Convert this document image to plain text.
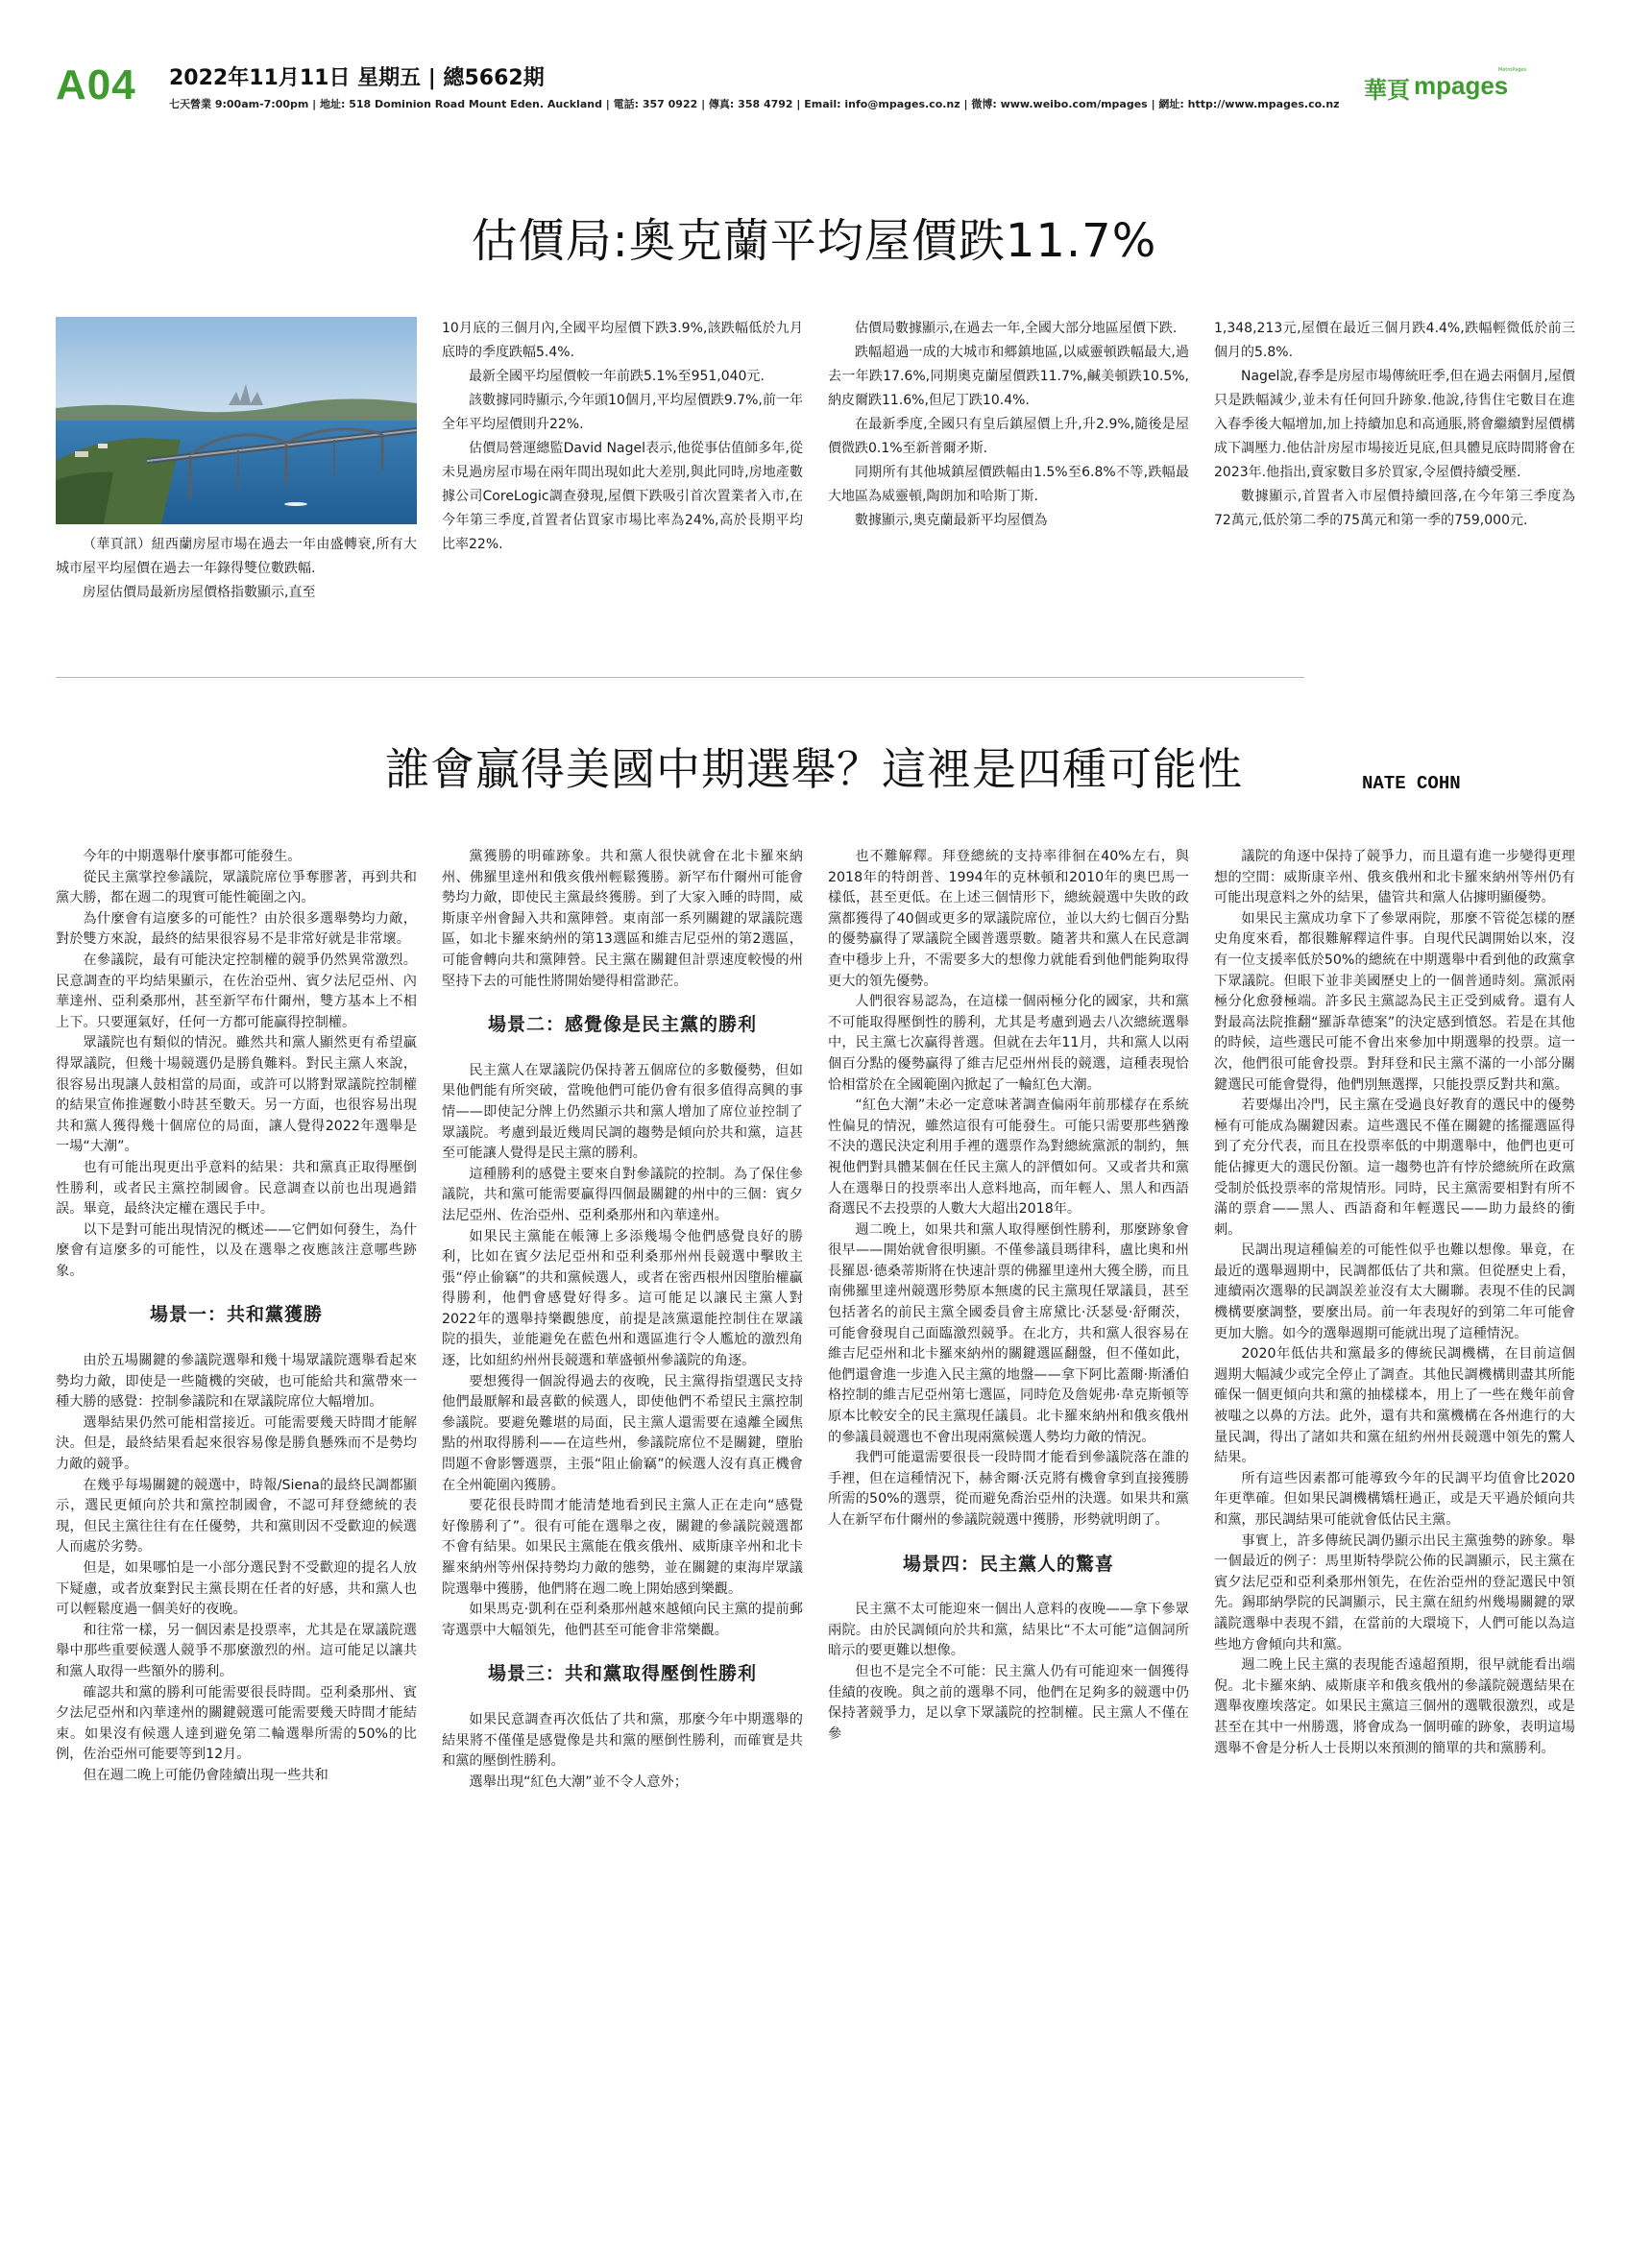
A04 2022年11月11日 星期五 | 總5662期
七天營業 9:00am-7:00pm | 地址: 518 Dominion Road Mount Eden. Auckland | 電話: 357 0922 | 傳真: 358 4792 | Email: info@mpages.co.nz | 微博: www.weibo.com/mpages | 網址: http://www.mpages.co.nz
華頁 mpages
MetroPages
估價局:奧克蘭平均屋價跌11.7%

（華頁訊）紐西蘭房屋市場在過去一年由盛轉衰,所有大城市屋平均屋價在過去一年錄得雙位數跌幅.

房屋估價局最新房屋價格指數顯示,直至

10月底的三個月內,全國平均屋價下跌3.9%,該跌幅低於九月底時的季度跌幅5.4%.

最新全國平均屋價較一年前跌5.1%至951,040元.

該數據同時顯示,今年頭10個月,平均屋價跌9.7%,前一年全年平均屋價則升22%.

估價局營運總監David Nagel表示,他從事估值師多年,從未見過房屋市場在兩年間出現如此大差別,與此同時,房地產數據公司CoreLogic調查發現,屋價下跌吸引首次置業者入市,在今年第三季度,首置者佔買家市場比率為24%,高於長期平均比率22%.

估價局數據顯示,在過去一年,全國大部分地區屋價下跌.

跌幅超過一成的大城市和郷鎮地區,以威靈頓跌幅最大,過去一年跌17.6%,同期奧克蘭屋價跌11.7%,鹹美頓跌10.5%,納皮爾跌11.6%,但尼丁跌10.4%.

在最新季度,全國只有皇后鎮屋價上升,升2.9%,隨後是屋價微跌0.1%至新普爾矛斯.

同期所有其他城鎮屋價跌幅由1.5%至6.8%不等,跌幅最大地區為威靈頓,陶朗加和哈斯丁斯.

數據顯示,奧克蘭最新平均屋價為

1,348,213元,屋價在最近三個月跌4.4%,跌幅輕微低於前三個月的5.8%.

Nagel說,春季是房屋市場傳統旺季,但在過去兩個月,屋價只是跌幅減少,並未有任何回升跡象.他說,待售住宅數目在進入春季後大幅增加,加上持續加息和高通脹,將會繼續對屋價構成下調壓力.他估計房屋市場接近見底,但具體見底時間將會在2023年.他指出,賣家數目多於買家,令屋價持續受壓.

數據顯示,首置者入市屋價持續回落,在今年第三季度為72萬元,低於第二季的75萬元和第一季的759,000元.

誰會贏得美國中期選舉？這裡是四種可能性	NATE COHN

今年的中期選舉什麼事都可能發生。

從民主黨掌控參議院，眾議院席位爭奪膠著，再到共和黨大勝，都在週二的現實可能性範圍之內。

為什麼會有這麼多的可能性？由於很多選舉勢均力敵，對於雙方來說，最終的結果很容易不是非常好就是非常壞。

在參議院，最有可能決定控制權的競爭仍然異常激烈。民意調查的平均結果顯示，在佐治亞州、賓夕法尼亞州、內華達州、亞利桑那州，甚至新罕布什爾州，雙方基本上不相上下。只要運氣好，任何一方都可能贏得控制權。

眾議院也有類似的情況。雖然共和黨人顯然更有希望贏得眾議院，但幾十場競選仍是勝負難料。對民主黨人來說，很容易出現讓人鼓相當的局面，或許可以將對眾議院控制權的結果宣佈推遲數小時甚至數天。另一方面，也很容易出現共和黨人獲得幾十個席位的局面，讓人覺得2022年選舉是一場“大潮”。

也有可能出現更出乎意料的結果：共和黨真正取得壓倒性勝利，或者民主黨控制國會。民意調查以前也出現過錯誤。畢竟，最終決定權在選民手中。

以下是對可能出現情況的概述——它們如何發生，為什麼會有這麼多的可能性，以及在選舉之夜應該注意哪些跡象。

場景一：共和黨獲勝

由於五場關鍵的參議院選舉和幾十場眾議院選舉看起來勢均力敵，即使是一些隨機的突破，也可能給共和黨帶來一種大勝的感覺：控制參議院和在眾議院席位大幅增加。

選舉結果仍然可能相當接近。可能需要幾天時間才能解決。但是，最終結果看起來很容易像是勝負懸殊而不是勢均力敵的競爭。

在幾乎每場關鍵的競選中，時報/Siena的最終民調都顯示，選民更傾向於共和黨控制國會，不認可拜登總統的表現，但民主黨往往有在任優勢，共和黨則因不受歡迎的候選人而處於劣勢。

但是，如果哪怕是一小部分選民對不受歡迎的提名人放下疑慮，或者放棄對民主黨長期在任者的好感，共和黨人也可以輕鬆度過一個美好的夜晚。

和往常一樣，另一個因素是投票率，尤其是在眾議院選舉中那些重要候選人競爭不那麼激烈的州。這可能足以讓共和黨人取得一些額外的勝利。

確認共和黨的勝利可能需要很長時間。亞利桑那州、賓夕法尼亞州和內華達州的關鍵競選可能需要幾天時間才能結束。如果沒有候選人達到避免第二輪選舉所需的50%的比例，佐治亞州可能要等到12月。

但在週二晚上可能仍會陸續出現一些共和

黨獲勝的明確跡象。共和黨人很快就會在北卡羅來納州、佛羅里達州和俄亥俄州輕鬆獲勝。新罕布什爾州可能會勢均力敵，即使民主黨最終獲勝。到了大家入睡的時間，威斯康辛州會歸入共和黨陣營。東南部一系列關鍵的眾議院選區，如北卡羅來納州的第13選區和維吉尼亞州的第2選區，可能會轉向共和黨陣營。民主黨在關鍵但計票速度較慢的州堅持下去的可能性將開始變得相當渺茫。

場景二：感覺像是民主黨的勝利

民主黨人在眾議院仍保持著五個席位的多數優勢，但如果他們能有所突破，當晚他們可能仍會有很多值得高興的事情——即使記分牌上仍然顯示共和黨人增加了席位並控制了眾議院。考慮到最近幾周民調的趨勢是傾向於共和黨，這甚至可能讓人覺得是民主黨的勝利。

這種勝利的感覺主要來自對參議院的控制。為了保住參議院，共和黨可能需要贏得四個最關鍵的州中的三個：賓夕法尼亞州、佐治亞州、亞利桑那州和內華達州。

如果民主黨能在帳簿上多添幾場令他們感覺良好的勝利，比如在賓夕法尼亞州和亞利桑那州州長競選中擊敗主張“停止偷竊”的共和黨候選人，或者在密西根州因墮胎權贏得勝利，他們會感覺好得多。這可能足以讓民主黨人對2022年的選舉持樂觀態度，前提是該黨還能控制住在眾議院的損失，並能避免在藍色州和選區進行令人尷尬的激烈角逐，比如紐約州州長競選和華盛頓州參議院的角逐。

要想獲得一個說得過去的夜晚，民主黨得指望選民支持他們最厭解和最喜歡的候選人，即使他們不希望民主黨控制參議院。要避免難堪的局面，民主黨人還需要在遠離全國焦點的州取得勝利——在這些州，參議院席位不是關鍵，墮胎問題不會影響選票，主張“阻止偷竊”的候選人沒有真正機會在全州範圍內獲勝。

要花很長時間才能清楚地看到民主黨人正在走向“感覺好像勝利了”。很有可能在選舉之夜，關鍵的參議院競選都不會有結果。如果民主黨能在俄亥俄州、威斯康辛州和北卡羅來納州等州保持勢均力敵的態勢，並在關鍵的東海岸眾議院選舉中獲勝，他們將在週二晚上開始感到樂觀。

如果馬克·凱利在亞利桑那州越來越傾向民主黨的提前郵寄選票中大幅領先，他們甚至可能會非常樂觀。

場景三：共和黨取得壓倒性勝利

如果民意調查再次低估了共和黨，那麼今年中期選舉的結果將不僅僅是感覺像是共和黨的壓倒性勝利，而確實是共和黨的壓倒性勝利。

選舉出現“紅色大潮”並不令人意外；

也不難解釋。拜登總統的支持率徘徊在40%左右，與2018年的特朗普、1994年的克林頓和2010年的奧巴馬一樣低，甚至更低。在上述三個情形下，總統競選中失敗的政黨都獲得了40個或更多的眾議院席位，並以大約七個百分點的優勢贏得了眾議院全國普選票數。隨著共和黨人在民意調查中穩步上升，不需要多大的想像力就能看到他們能夠取得更大的領先優勢。

人們很容易認為，在這樣一個兩極分化的國家，共和黨不可能取得壓倒性的勝利，尤其是考慮到過去八次總統選舉中，民主黨七次贏得普選。但就在去年11月，共和黨人以兩個百分點的優勢贏得了維吉尼亞州州長的競選，這種表現恰恰相當於在全國範圍內掀起了一輪紅色大潮。

“紅色大潮”未必一定意味著調查偏兩年前那樣存在系統性偏見的情況，雖然這很有可能發生。可能只需要那些猶豫不決的選民決定利用手裡的選票作為對總統黨派的制約，無視他們對具體某個在任民主黨人的評價如何。又或者共和黨人在選舉日的投票率出人意料地高，而年輕人、黑人和西語裔選民不去投票的人數大大超出2018年。

週二晚上，如果共和黨人取得壓倒性勝利，那麼跡象會很早——開始就會很明顯。不僅參議員瑪律科，盧比奧和州長羅恩·德桑蒂斯將在快速計票的佛羅里達州大獲全勝，而且南佛羅里達州競選形勢原本無虞的民主黨現任眾議員，甚至包括著名的前民主黨全國委員會主席黛比·沃瑟曼·舒爾茨，可能會發現自己面臨激烈競爭。在北方，共和黨人很容易在維吉尼亞州和北卡羅來納州的關鍵選區翻盤，但不僅如此，他們還會進一步進入民主黨的地盤——拿下阿比蓋爾·斯潘伯格控制的維吉尼亞州第七選區，同時危及詹妮弗·韋克斯頓等原本比較安全的民主黨現任議員。北卡羅來納州和俄亥俄州的參議員競選也不會出現兩黨候選人勢均力敵的情況。

我們可能還需要很長一段時間才能看到參議院落在誰的手裡，但在這種情況下，赫舍爾·沃克將有機會拿到直接獲勝所需的50%的選票，從而避免喬治亞州的決選。如果共和黨人在新罕布什爾州的參議院競選中獲勝，形勢就明朗了。

場景四：民主黨人的驚喜

民主黨不太可能迎來一個出人意料的夜晚——拿下參眾兩院。由於民調傾向於共和黨，結果比“不太可能”這個詞所暗示的要更難以想像。

但也不是完全不可能：民主黨人仍有可能迎來一個獲得佳績的夜晚。與之前的選舉不同，他們在足夠多的競選中仍保持著競爭力，足以拿下眾議院的控制權。民主黨人不僅在參

議院的角逐中保持了競爭力，而且還有進一步變得更理想的空間：威斯康辛州、俄亥俄州和北卡羅來納州等州仍有可能出現意料之外的結果，儘管共和黨人佔據明顯優勢。

如果民主黨成功拿下了參眾兩院，那麼不管從怎樣的歷史角度來看，都很難解釋這件事。自現代民調開始以來，沒有一位支援率低於50%的總統在中期選舉中看到他的政黨拿下眾議院。但眼下並非美國歷史上的一個普通時刻。黨派兩極分化愈發極端。許多民主黨認為民主正受到威脅。還有人對最高法院推翻“羅訴韋德案”的決定感到憤怒。若是在其他的時候，這些選民可能不會出來參加中期選舉的投票。這一次，他們很可能會投票。對拜登和民主黨不滿的一小部分關鍵選民可能會覺得，他們別無選擇，只能投票反對共和黨。

若要爆出冷門，民主黨在受過良好教育的選民中的優勢極有可能成為關鍵因素。這些選民不僅在關鍵的搖擺選區得到了充分代表，而且在投票率低的中期選舉中，他們也更可能佔據更大的選民份額。這一趨勢也許有悖於總統所在政黨受制於低投票率的常規情形。同時，民主黨需要相對有所不滿的票倉——黑人、西語裔和年輕選民——助力最終的衝刺。

民調出現這種偏差的可能性似乎也難以想像。畢竟，在最近的選舉週期中，民調都低估了共和黨。但從歷史上看，連續兩次選舉的民調誤差並沒有太大關聯。表現不佳的民調機構要麼調整，要麼出局。前一年表現好的到第二年可能會更加大膽。如今的選舉週期可能就出現了這種情況。

2020年低估共和黨最多的傳統民調機構，在目前這個週期大幅減少或完全停止了調查。其他民調機構則盡其所能確保一個更傾向共和黨的抽樣樣本，用上了一些在幾年前會被嗤之以鼻的方法。此外，還有共和黨機構在各州進行的大量民調，得出了諸如共和黨在紐約州州長競選中領先的驚人結果。

所有這些因素都可能導致今年的民調平均值會比2020年更準確。但如果民調機構矯枉過正，或是天平過於傾向共和黨，那民調結果可能就會低估民主黨。

事實上，許多傳統民調仍顯示出民主黨強勢的跡象。舉一個最近的例子：馬里斯特學院公佈的民調顯示，民主黨在賓夕法尼亞和亞利桑那州領先，在佐治亞州的登記選民中領先。錫耶納學院的民調顯示，民主黨在紐約州幾場關鍵的眾議院選舉中表現不錯，在當前的大環境下，人們可能以為這些地方會傾向共和黨。

週二晚上民主黨的表現能否遠超預期，很早就能看出端倪。北卡羅來納、威斯康辛和俄亥俄州的參議院競選結果在選舉夜塵埃落定。如果民主黨這三個州的選戰很激烈，或是甚至在其中一州勝選，將會成為一個明確的跡象，表明這場選舉不會是分析人士長期以來預測的簡單的共和黨勝利。
